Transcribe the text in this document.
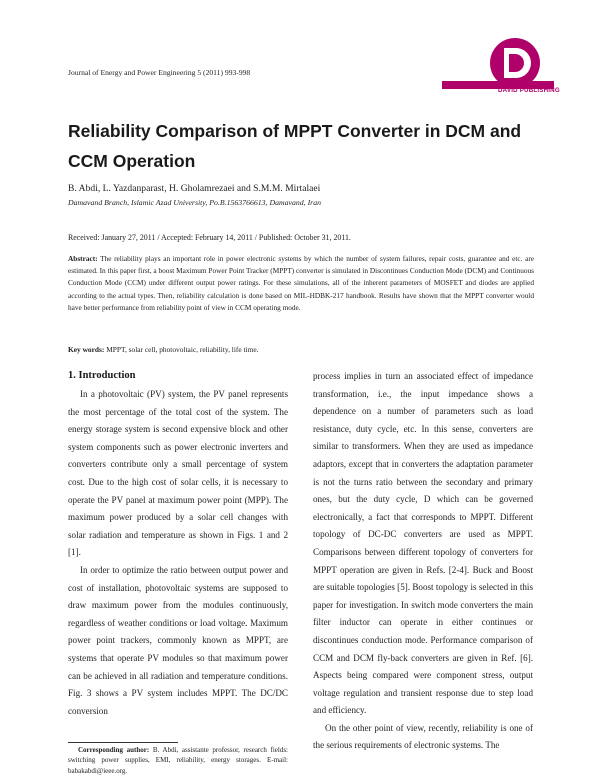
Journal of Energy and Power Engineering 5 (2011) 993-998
DAVID PUBLISHING
Reliability Comparison of MPPT Converter in DCM and CCM Operation
B. Abdi, L. Yazdanparast, H. Gholamrezaei and S.M.M. Mirtalaei
Damavand Branch, Islamic Azad University, Po.B.1563766613, Damavand, Iran
Received: January 27, 2011 / Accepted: February 14, 2011 / Published: October 31, 2011.

Abstract: The reliability plays an important role in power electronic systems by which the number of system failures, repair costs, guarantee and etc. are estimated. In this paper first, a boost Maximum Power Point Tracker (MPPT) converter is simulated in Discontinues Conduction Mode (DCM) and Continuous Conduction Mode (CCM) under different output power ratings. For these simulations, all of the inherent parameters of MOSFET and diodes are applied according to the actual types. Then, reliability calculation is done based on MIL-HDBK-217 handbook. Results have shown that the MPPT converter would have better performance from reliability point of view in CCM operating mode.

Key words: MPPT, solar cell, photovoltaic, reliability, life time.

1. Introduction

In a photovoltaic (PV) system, the PV panel represents the most percentage of the total cost of the system. The energy storage system is second expensive block and other system components such as power electronic inverters and converters contribute only a small percentage of system cost. Due to the high cost of solar cells, it is necessary to operate the PV panel at maximum power point (MPP). The maximum power produced by a solar cell changes with solar radiation and temperature as shown in Figs. 1 and 2 [1].

In order to optimize the ratio between output power and cost of installation, photovoltaic systems are supposed to draw maximum power from the modules continuously, regardless of weather conditions or load voltage. Maximum power point trackers, commonly known as MPPT, are systems that operate PV modules so that maximum power can be achieved in all radiation and temperature conditions. Fig. 3 shows a PV system includes MPPT. The DC/DC conversion

process implies in turn an associated effect of impedance transformation, i.e., the input impedance shows a dependence on a number of parameters such as load resistance, duty cycle, etc. In this sense, converters are similar to transformers. When they are used as impedance adaptors, except that in converters the adaptation parameter is not the turns ratio between the secondary and primary ones, but the duty cycle, D which can be governed electronically, a fact that corresponds to MPPT. Different topology of DC-DC converters are used as MPPT. Comparisons between different topology of converters for MPPT operation are given in Refs. [2-4]. Buck and Boost are suitable topologies [5]. Boost topology is selected in this paper for investigation. In switch mode converters the main filter inductor can operate in either continues or discontinues conduction mode. Performance comparison of CCM and DCM fly-back converters are given in Ref. [6]. Aspects being compared were component stress, output voltage regulation and transient response due to step load and efficiency.

On the other point of view, recently, reliability is one of the serious requirements of electronic systems. The

Corresponding author: B. Abdi, assistante professor, research fields: switching power supplies, EMI, reliability, energy storages. E-mail: babakabdi@ieee.org.
